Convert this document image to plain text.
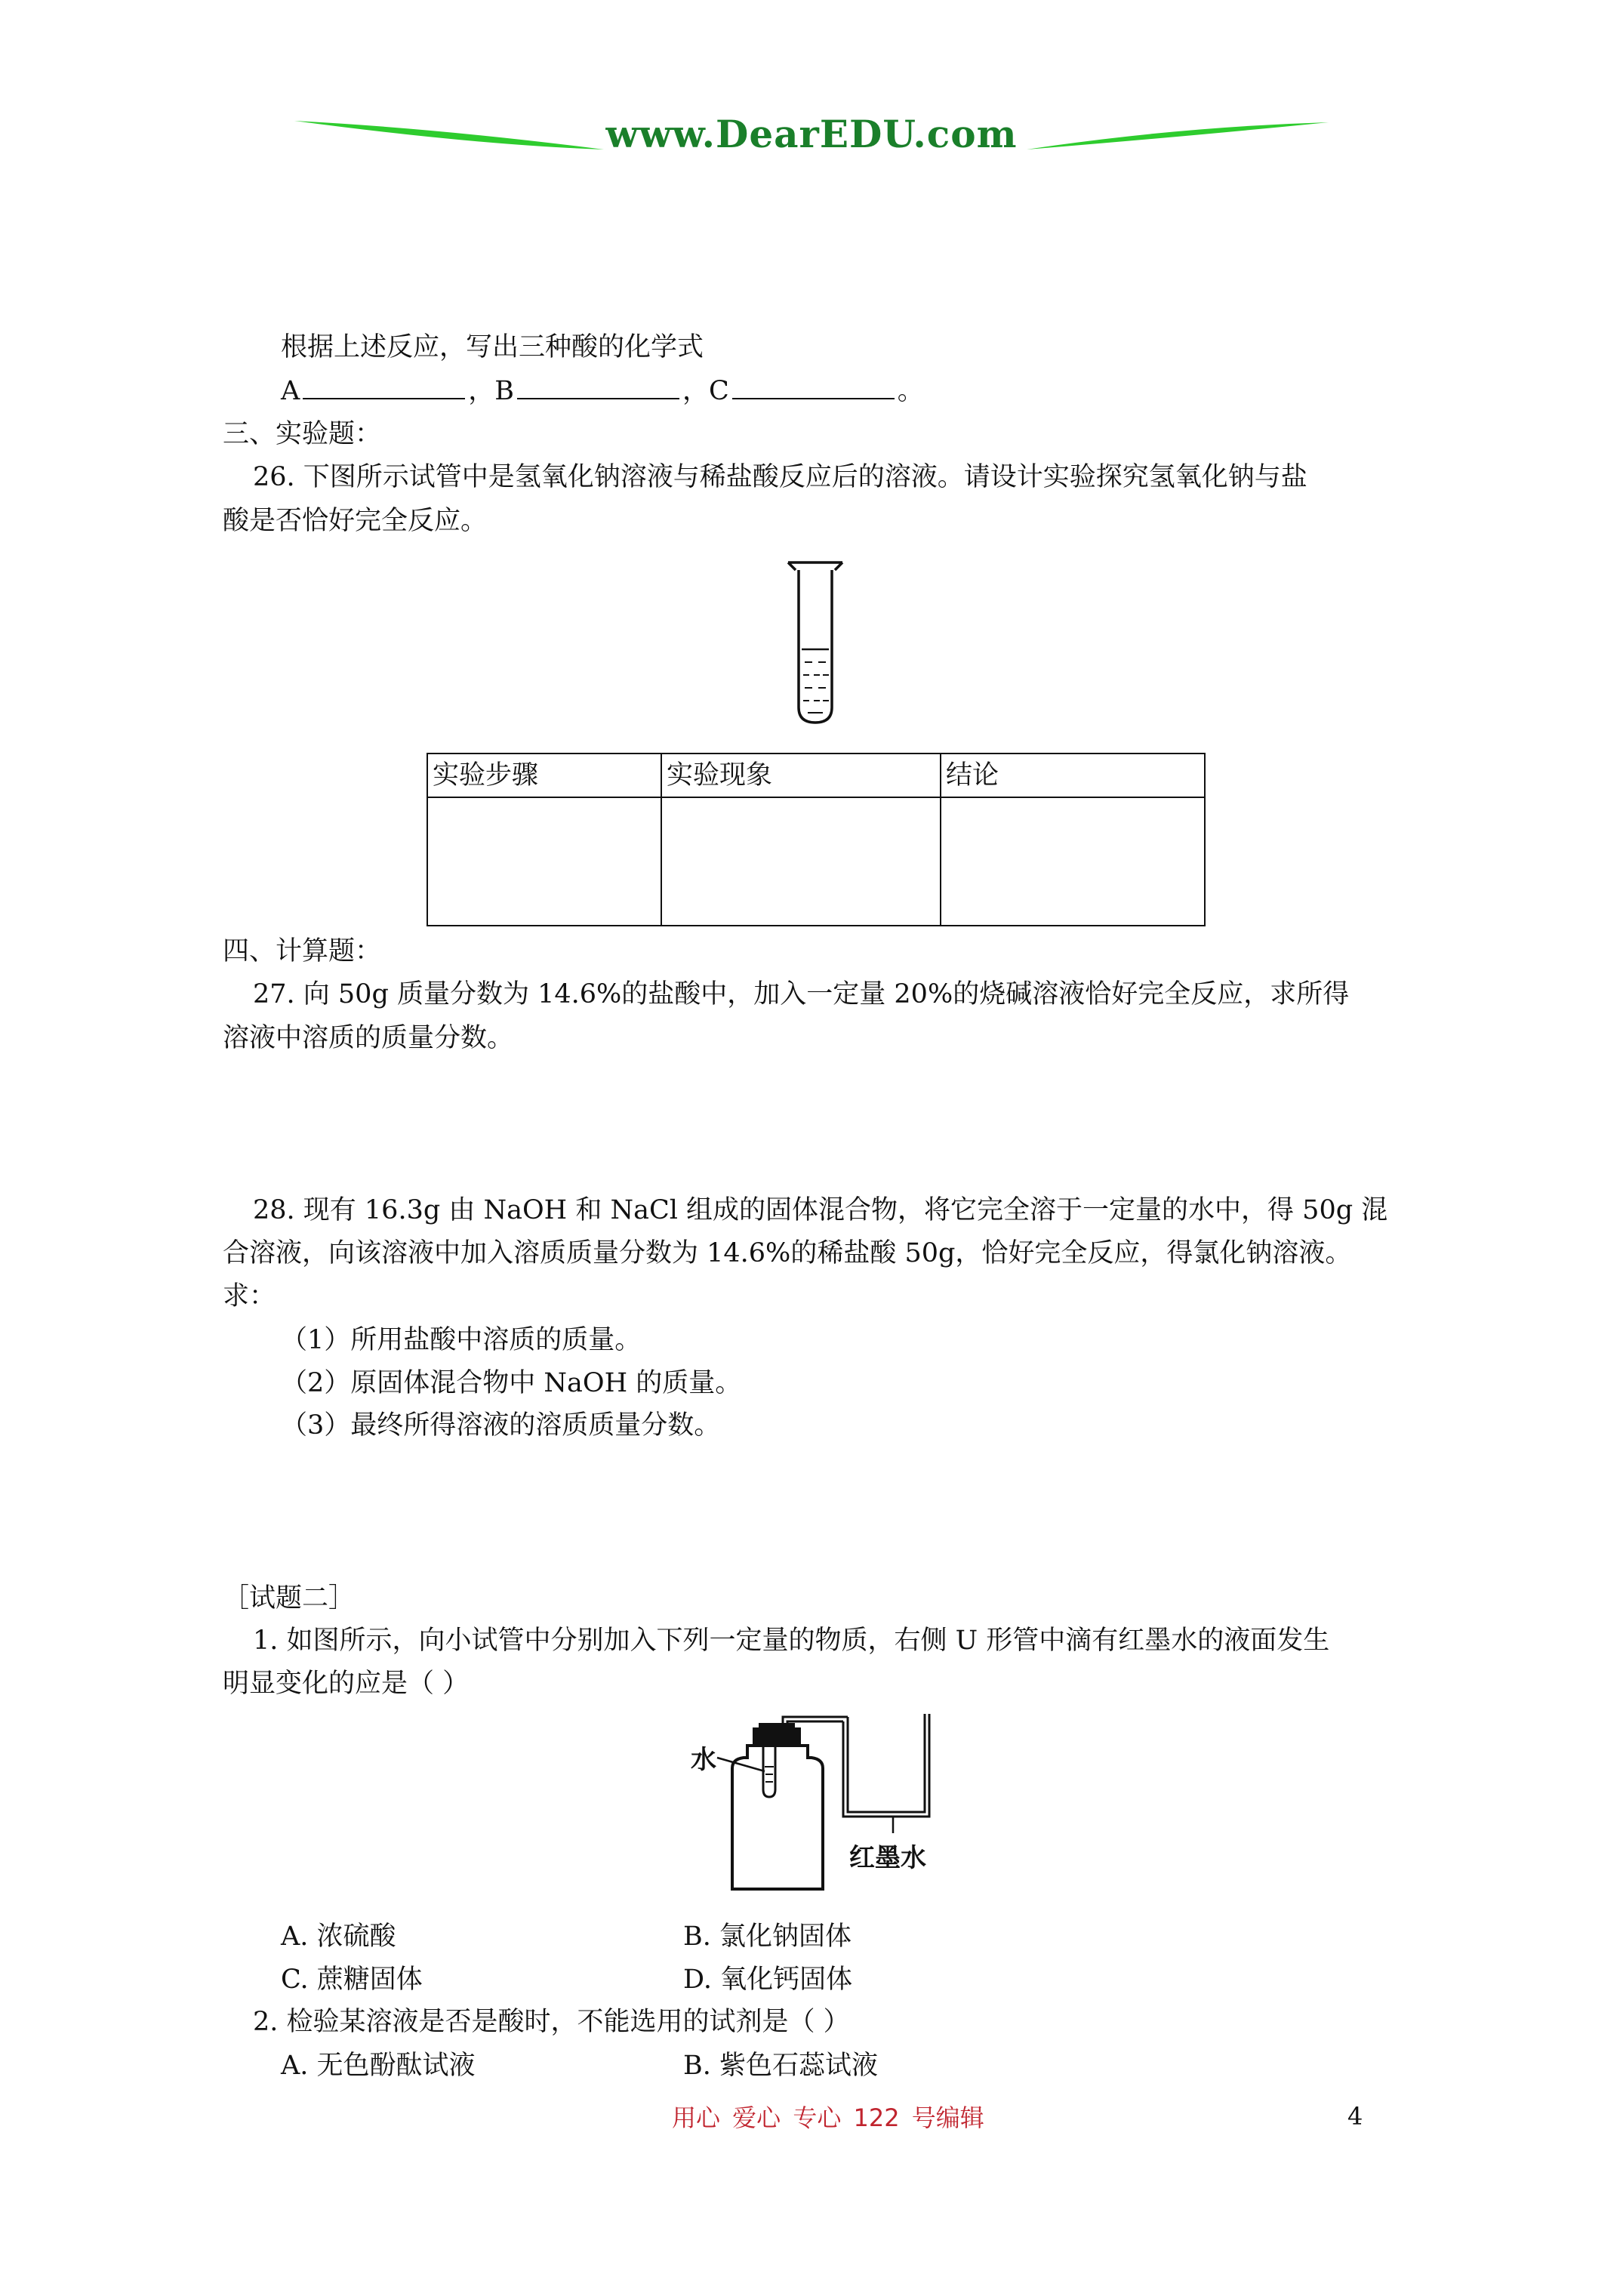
www.DearEDU.com

根据上述反应，写出三种酸的化学式

A	，B	，C	。

三、实验题：

26. 下图所示试管中是氢氧化钠溶液与稀盐酸反应后的溶液。请设计实验探究氢氧化钠与盐

酸是否恰好完全反应。

实验步骤	实验现象	结论

四、计算题：

27. 向 50g 质量分数为 14.6%的盐酸中，加入一定量 20%的烧碱溶液恰好完全反应，求所得

溶液中溶质的质量分数。

28. 现有 16.3g 由 NaOH 和 NaCl 组成的固体混合物，将它完全溶于一定量的水中，得 50g 混

合溶液，向该溶液中加入溶质质量分数为 14.6%的稀盐酸 50g，恰好完全反应，得氯化钠溶液。

求：

（1）所用盐酸中溶质的质量。

（2）原固体混合物中 NaOH 的质量。

（3）最终所得溶液的溶质质量分数。

［试题二］

1. 如图所示，向小试管中分别加入下列一定量的物质，右侧 U 形管中滴有红墨水的液面发生

明显变化的应是（ ）

水
红墨水

A. 浓硫酸	B. 氯化钠固体

C. 蔗糖固体	D. 氧化钙固体

2. 检验某溶液是否是酸时，不能选用的试剂是（ ）

A. 无色酚酞试液	B. 紫色石蕊试液

用心 爱心 专心 122 号编辑	4
